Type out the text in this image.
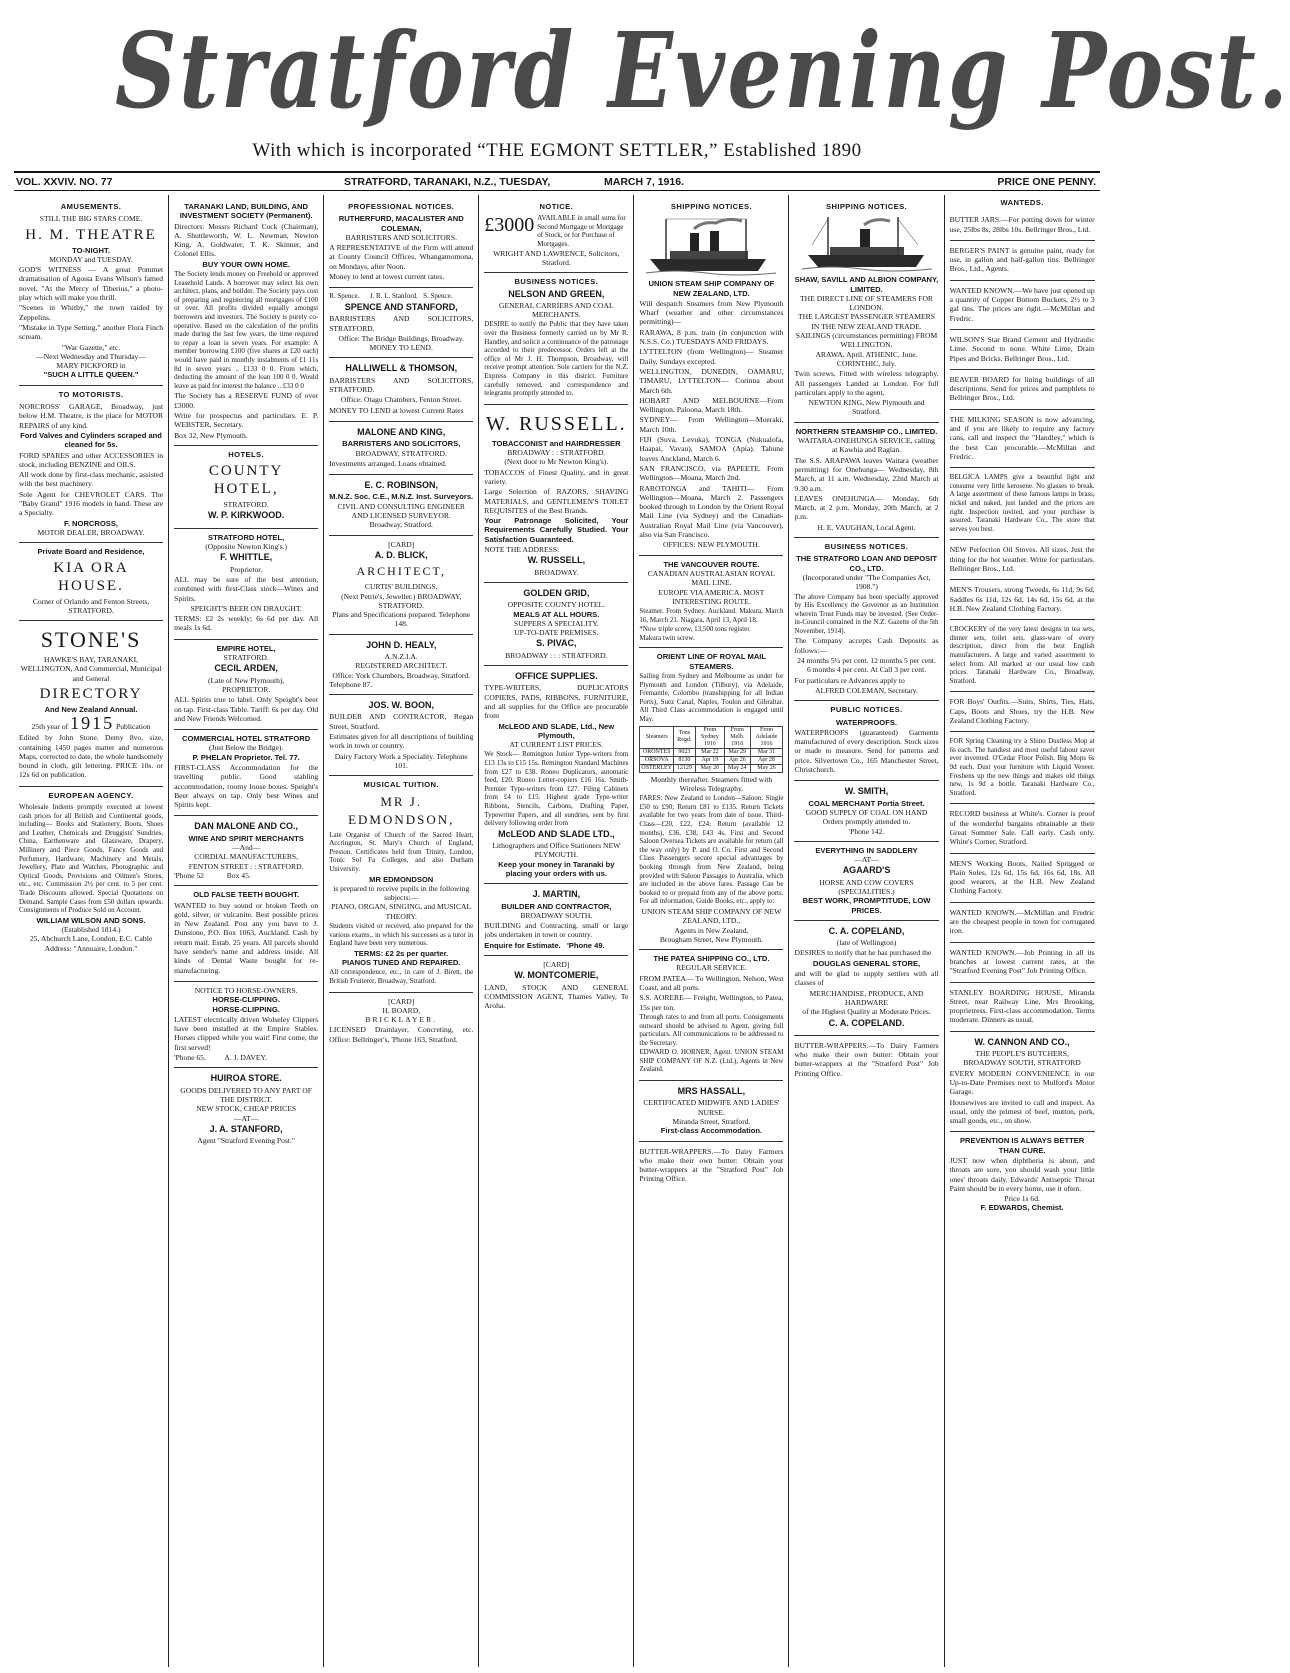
Stratford Evening Post.
With which is incorporated “THE EGMONT SETTLER,” Established 1890
VOL. XXVIV. NO. 77	STRATFORD, TARANAKI, N.Z., TUESDAY,	MARCH 7, 1916.	PRICE ONE PENNY.
AMUSEMENTS.
STILL THE BIG STARS COME.
H. M. THEATRE
TO-NIGHT.
MONDAY and TUESDAY.
GOD'S WITNESS — A great Pommet dramatisation of Agosta Evans Wilson's famed novel, "At the Mercy of Tiberius," a photo-play which will make you thrill.
"Scenes in Whitby," the town raided by Zeppelins.
"Mistake in Type Setting," another Flora Finch scream.
"War Gazette," etc.
—Next Wednesday and Thursday—
MARY PICKFORD in
"SUCH A LITTLE QUEEN."
TO MOTORISTS.
NORCROSS' GARAGE, Broadway, just below H.M. Theatre, is the place for MOTOR REPAIRS of any kind.
Ford Valves and Cylinders scraped and cleaned for 5s.
FORD SPARES and other ACCESSORIES in stock, including BENZINE and OILS.
All work done by first-class mechanic, assisted with the best machinery.
Sole Agent for CHEVROLET CARS. The "Baby Grand" 1916 models in hand. These are a Specialty.
F. NORCROSS,
MOTOR DEALER, BROADWAY.
Private Board and Residence,
KIA ORA HOUSE.
Corner of Orlando and Fenton Streets, STRATFORD.
STONE'S
HAWKE'S BAY, TARANAKI, WELLINGTON, And Commercial, Municipal and General
DIRECTORY
And New Zealand Annual.
25th year of 1915 Publication
Edited by John Stone. Demy 8vo, size, containing 1450 pages matter and numerous Maps, corrected to date, the whole handsomely bound in cloth, gilt lettering. PRICE 10s. or 12s 6d on publication.
EUROPEAN AGENCY.
Wholesale Indents promptly executed at lowest cash prices for all British and Continental goods, including— Books and Stationery, Boots, Shoes and Leather, Chemicals and Druggists' Sundries, China, Earthenware and Glassware, Drapery, Millinery and Piece Goods, Fancy Goods and Perfumery, Hardware, Machinery and Metals, Jewellery, Plate and Watches, Photographic and Optical Goods, Provisions and Oilmen's Stores, etc., etc. Commission 2½ per cent. to 5 per cent. Trade Discounts allowed. Special Quotations on Demand. Sample Cases from £50 dollars upwards. Consignments of Produce Sold on Account.
WILLIAM WILSON AND SONS.
(Established 1814.)
25, Abchurch Lane, London, E.C. Cable Address: "Annuaire, London."
TARANAKI LAND, BUILDING, AND INVESTMENT SOCIETY (Permanent).
Directors: Messrs Richard Cock (Chairman), A. Shuttleworth, W. L. Newman, Newton King, A. Goldwater, T. K. Skinner, and Colonel Ellis.
BUY YOUR OWN HOME.
The Society lends money on Freehold or approved Leasehold Lands. A borrower may select his own architect, plans, and builder. The Society pays cost of preparing and registering all mortgages of £100 or over. All profits divided equally amongst borrowers and investors. The Society is purely co-operative. Based on the calculation of the profits made during the last few years, the time required to repay a loan is seven years. For example: A member borrowing £100 (five shares at £20 each) would have paid in monthly instalments of £1 11s 8d in seven years .. £133 0 0. From which, deducting the amount of the loan 100 0 0. Would leave as paid for interest the balance .. £33 0 0
The Society has a RESERVE FUND of over £3000.
Write for prospectus and particulars. E. P. WEBSTER, Secretary.
Box 32, New Plymouth.
HOTELS.
COUNTY HOTEL,
STRATFORD.
W. P. KIRKWOOD.
STRATFORD HOTEL,
(Opposite Newton King's.)
F. WHITTLE,
Proprietor.
ALL may be sure of the best attention, combined with first-Class stock—Wines and Spirits.
SPEIGHT'S BEER ON DRAUGHT.
TERMS: £2 2s weekly; 6s 6d per day. All meals 1s 6d.
EMPIRE HOTEL,
STRATFORD.
CECIL ARDEN,
(Late of New Plymouth),
PROPRIETOR.
ALL Spirits true to label. Only Speight's beer on tap. First-class Table. Tariff: 6s per day. Old and New Friends Welcomed.
COMMERCIAL HOTEL STRATFORD
(Just Below the Bridge).
P. PHELAN Proprietor. Tel. 77.
FIRST-CLASS Accommodation for the travelling public. Good stabling accommodation, roomy loose boxes. Speight's Beer always on tap. Only best Wines and Spirits kept.
DAN MALONE AND CO.,
WINE AND SPIRIT MERCHANTS
—And—
CORDIAL MANUFACTURERS,
FENTON STREET : : STRATFORD.
'Phone 52            Box 45.
OLD FALSE TEETH BOUGHT.
WANTED to buy sound or broken Teeth on gold, silver, or vulcanite. Best possible prices in New Zealand. Post any you have to J. Dunstone, P.O. Box 1063, Auckland. Cash by return mail. Estab. 25 years. All parcels should have sender's name and address inside. All kinds of Dental Waste bought for re-manufacturing.
NOTICE TO HORSE-OWNERS.
HORSE-CLIPPING.
HORSE-CLIPPING.
LATEST electrically driven Wolseley Clippers have been installed at the Empire Stables. Horses clipped while you wait! First come, the first served!
'Phone 65.          A. J. DAVEY.
HUIROA STORE.
GOODS DELIVERED TO ANY PART OF THE DISTRICT.
NEW STOCK, CHEAP PRICES
—AT—
J. A. STANFORD,
Agent "Stratford Evening Post."
PROFESSIONAL NOTICES.
RUTHERFURD, MACALISTER AND COLEMAN,
BARRISTERS AND SOLICITORS.
A REPRESENTATIVE of the Firm will attend at County Council Offices, Whangamomona, on Mondays, after Noon.
Money to lend at lowest current rates.
R. Spence.      J. R. L. Stanford.   S. Spence.
SPENCE AND STANFORD,
BARRISTERS AND SOLICITORS, STRATFORD.
Office: The Bridge Buildings, Broadway.
MONEY TO LEND.
HALLIWELL & THOMSON,
BARRISTERS AND SOLICITORS, STRATFORD.
Office: Otago Chambers, Fenton Street.
MONEY TO LEND at lowest Current Rates
MALONE AND KING,
BARRISTERS AND SOLICITORS,
BROADWAY, STRATFORD.
Investments arranged. Loans obtained.
E. C. ROBINSON,
M.N.Z. Soc. C.E., M.N.Z. Inst. Surveyors.
CIVIL AND CONSULTING ENGINEER AND LICENSED SURVEYOR.
Broadway, Stratford.
[CARD]
A. D. BLICK,
ARCHITECT,
CURTIS' BUILDINGS,
(Next Petrie's, Jeweller.) BROADWAY, STRATFORD.
Plans and Specifications prepared. Telephone 148.
JOHN D. HEALY,
A.N.Z.I.A.
REGISTERED ARCHITECT.
Office: York Chambers, Broadway, Stratford.
Telephone 87.
JOS. W. BOON,
BUILDER AND CONTRACTOR, Regan Street, Stratford.
Estimates given for all descriptions of building work in town or country.
Dairy Factory Work a Speciality. Telephone 101.
MUSICAL TUITION.
MR J. EDMONDSON,
Late Organist of Church of the Sacred Heart, Accrington, St. Mary's Church of England, Preston. Certificates held from Trinity, London, Tonic Sol Fa Colleges, and also Durham University.
MR EDMONDSON
is prepared to receive pupils in the following subjects:—
PIANO, ORGAN, SINGING, and MUSICAL THEORY.
Students visited or received, also prepared for the various exams., in which his successes as a tutor in England have been very numerous.
TERMS: £2 2s per quarter.
PIANOS TUNED AND REPAIRED.
All correspondence, etc., in care of J. Birett, the British Fruiterer, Broadway, Stratford.
[CARD]
H. BOARD,
BRICKLAYER.
LICENSED Drainlayer, Concreting, etc. Office: Bellringer's, 'Phone 163, Stratford.
NOTICE.
£3000 AVAILABLE in small sums for Second Mortgage or Mortgage of Stock, or for Purchase of Mortgages.
WRIGHT AND LAWRENCE, Solicitors, Stratford.
BUSINESS NOTICES.
NELSON AND GREEN,
GENERAL CARRIERS AND COAL MERCHANTS.
DESIRE to notify the Public that they have taken over the Business formerly carried on by Mr R. Handley, and solicit a continuance of the patronage accorded to their predecessor. Orders left at the office of Mr J. H. Thompson, Broadway, will receive prompt attention. Sole carriers for the N.Z. Express Company in this district. Furniture carefully removed, and correspondence and telegrams promptly attended to.
W. RUSSELL.
TOBACCONIST and HAIRDRESSER
BROADWAY : : STRATFORD.
(Next door to Mr Newton King's).
TOBACCOS of Finest Quality, and in great variety.
Large Selection of RAZORS, SHAVING MATERIALS, and GENTLEMEN'S TOILET REQUISITES of the Best Brands.
Your Patronage Solicited, Your Requirements Carefully Studied. Your Satisfaction Guaranteed.
NOTE THE ADDRESS:
W. RUSSELL,
BROADWAY.
GOLDEN GRID,
OPPOSITE COUNTY HOTEL.
MEALS AT ALL HOURS.
SUPPERS A SPECIALITY.
UP-TO-DATE PREMISES.
S. PIVAC,
BROADWAY : : : STRATFORD.
OFFICE SUPPLIES.
TYPE-WRITERS, DUPLICATORS COPIERS, PADS, RIBBONS, FURNITURE, and all supplies for the Office are procurable from
McLEOD AND SLADE, Ltd., New Plymouth,
AT CURRENT LIST PRICES.
We Stock— Remington Junior Type-writers from £13 13s to £15 15s. Remington Standard Machines from £27 to £38. Roneo Duplicators, automatic feed, £20. Roneo Letter-copiers £16 16s. Smith-Premier Type-writers from £27. Filing Cabinets from £4 to £15. Highest grade Type-writer Ribbons, Stencils, Carbons, Drafting Paper, Typewriter Papers, and all sundries, sent by first delivery following order from
McLEOD AND SLADE LTD.,
Lithographers and Office Stationers NEW PLYMOUTH.
Keep your money in Taranaki by placing your orders with us.
J. MARTIN,
BUILDER AND CONTRACTOR,
BROADWAY SOUTH.
BUILDING and Contracting, small or large jobs undertaken in town or country.
Enquire for Estimate.   'Phone 49.
[CARD]
W. MONTCOMERIE,
LAND, STOCK AND GENERAL COMMISSION AGENT, Thames Valley, Te Aroha.
SHIPPING NOTICES.
UNION STEAM SHIP COMPANY OF NEW ZEALAND, LTD.
Will despatch Steamers from New Plymouth Wharf (weather and other circumstances permitting)—
RARAWA, 8 p.m. train (in conjunction with N.S.S. Co.) TUESDAYS AND FRIDAYS.
LYTTELTON (from Wellington)— Steamer Daily, Sundays excepted.
WELLINGTON, DUNEDIN, OAMARU, TIMARU, LYTTELTON— Corinna about March 6th.
HOBART AND MELBOURNE—From Wellington. Paloona, March 18th.
SYDNEY— From Wellington—Moeraki, March 10th.
FIJI (Suva, Levuka), TONGA (Nukualofa, Haapai, Vavau), SAMOA (Apia). Tahune leaves Auckland, March 6.
SAN FRANCISCO, via PAPEETE. From Wellington—Moana, March 2nd.
RAROTONGA and TAHITI— From Wellington—Moana, March 2. Passengers booked through to London by the Orient Royal Mail Line (via Sydney) and the Canadian-Australian Royal Mail Line (via Vancouver), also via San Francisco.
OFFICES: NEW PLYMOUTH.
THE VANCOUVER ROUTE.
CANADIAN AUSTRALASIAN ROYAL MAIL LINE.
EUROPE VIA AMERICA. MOST INTERESTING ROUTE.
Steamer. From Sydney. Auckland. Makura, March 16, March 21. Niagara, April 13, April 18.
*Now triple screw, 13,500 tons register.
Makura twin screw.
ORIENT LINE OF ROYAL MAIL STEAMERS.
Sailing from Sydney and Melbourne as under for Plymouth and London (Tilbury), via Adelaide, Fremantle, Colombo (transhipping for all Indian Ports), Suez Canal, Naples, Toulon and Gibraltar. All Third Class accommodation is engaged until May.
Steamers	Tons Regd.	From Sydney 1916	From Melb. 1916	From Adelaide 1916
ORONTES	9023	Mar 22	Mar 29	Mar 31
ORSOVA	8130	Apr 19	Apr 26	Apr 28
OSTERLEY	12129	May 20	May 24	May 26
Monthly thereafter. Steamers fitted with Wireless Telegraphy.
FARES: New Zealand to London—Saloon: Single £50 to £90; Return £81 to £135. Return Tickets available for two years from date of issue. Third-Class—£20, £22, £24; Return (available 12 months), £36, £38, £43 4s. First and Second Saloon Oversea Tickets are available for return (all the way only) by P. and O. Co. First and Second Class Passengers secure special advantages by booking through from New Zealand, being provided with Saloon Passages to Australia, which are included in the above fares. Passage Can be booked to or prepaid from any of the above ports. For all information, Guide Books, etc., apply to:
UNION STEAM SHIP COMPANY OF NEW ZEALAND, LTD.,
Agents in New Zealand,
Brougham Street, New Plymouth.
THE PATEA SHIPPING CO., LTD.
REGULAR SERVICE.
FROM PATEA— To Wellington, Nelson, West Coast, and all ports.
S.S. AORERE— Freight, Wellington, to Patea, 15s per ton.
Through rates to and from all ports. Consignments outward should be advised to Agent, giving full particulars. All communications to be addressed to the Secretary.
EDWARD O. HORNER, Agent. UNION STEAM SHIP COMPANY OF N.Z. (Ltd.), Agents in New Zealand.
MRS HASSALL,
CERTIFICATED MIDWIFE AND LADIES' NURSE.
Miranda Street, Stratford.
First-class Accommodation.
BUTTER-WRAPPERS.—To Dairy Farmers who make their own butter: Obtain your butter-wrappers at the "Stratford Post" Job Printing Office.
SHIPPING NOTICES.
SHAW, SAVILL AND ALBION COMPANY, LIMITED.
THE DIRECT LINE OF STEAMERS FOR LONDON.
THE LARGEST PASSENGER STEAMERS IN THE NEW ZEALAND TRADE.
SAILINGS (circumstances permitting) FROM WELLINGTON.
ARAWA, April. ATHENIC, June. CORINTHIC, July.
Twin screws. Fitted with wireless telegraphy. All passengers Landed at London. For full particulars apply to the agent,
NEWTON KING, New Plymouth and Stratford.
NORTHERN STEAMSHIP CO., LIMITED.
WAITARA-ONEHUNGA SERVICE, calling at Kawhia and Raglan.
The S.S. ARAPAWA leaves Waitara (weather permitting) for Onehunga— Wednesday, 8th March, at 11 a.m. Wednesday, 22nd March at 9.30 a.m.
LEAVES ONEHUNGA— Monday, 6th March, at 2 p.m. Monday, 20th March, at 2 p.m.
H. E. VAUGHAN, Local Agent.
BUSINESS NOTICES.
THE STRATFORD LOAN AND DEPOSIT CO., LTD.
(Incorporated under "The Companies Act, 1908.")
The above Company has been specially approved by His Excellency the Governor as an Institution wherein Trust Funds may be invested. (See Order-in-Council contained in the N.Z. Gazette of the 5th November, 1914).
The Company accepts Cash Deposits as follows:—
24 months 5¼ per cent. 12 months 5 per cent. 6 months 4 per cent. At Call 3 per cent.
For particulars re Advances apply to
ALFRED COLEMAN, Secretary.
PUBLIC NOTICES.
WATERPROOFS.
WATERPROOFS (guaranteed) Garments manufactured of every description. Stock sizes or made to measure. Send for patterns and price. Silvertown Co., 165 Manchester Street, Christchurch.
W. SMITH,
COAL MERCHANT Portia Street.
GOOD SUPPLY OF COAL ON HAND
Orders promptly attended to.
'Phone 142.
EVERYTHING IN SADDLERY
—AT—
AGAARD'S
HORSE AND COW COVERS (SPECIALITIES.)
BEST WORK, PROMPTITUDE, LOW PRICES.
C. A. COPELAND,
(late of Wellington)
DESIRES to notify that he has purchased the
DOUGLAS GENERAL STORE,
and will be glad to supply settlers with all classes of
MERCHANDISE, PRODUCE, AND HARDWARE
of the Highest Quality at Moderate Prices.
C. A. COPELAND.
BUTTER-WRAPPERS.—To Dairy Farmers who make their own butter: Obtain your butter-wrappers at the "Stratford Post" Job Printing Office.
WANTEDS.
BUTTER JARS.—For potting down for winter use, 25lbs 8s, 28lbs 10s. Bellringer Bros., Ltd.
BERGER'S PAINT is genuine paint, ready for use, in gallon and half-gallon tins. Bellringer Bros., Ltd., Agents.
WANTED KNOWN.—We have just opened up a quantity of Copper Bottom Buckets, 2½ to 3 gal tins. The prices are right.—McMillan and Fredric.
WILSON'S Star Brand Cement and Hydraulic Lime. Second to none. White Lime, Drain Pipes and Bricks. Bellringer Bros., Ltd.
BEAVER BOARD for lining buildings of all descriptions. Send for prices and pamphlets to Bellringer Bros., Ltd.
THE MILKING SEASON is now advancing, and if you are likely to require any factory cans, call and inspect the "Handley," which is the best Can procurable.—McMillan and Fredric.
BELGICA LAMPS give a beautiful light and consume very little kerosene. No glasses to break. A large assortment of these famous lamps in brass, nickel and naked, just landed and the prices are right. Inspection invited, and your purchase is assured. Taranaki Hardware Co., The store that serves you best.
NEW Perfection Oil Stoves. All sizes. Just the thing for the hot weather. Write for particulars. Bellringer Bros., Ltd.
MEN'S Trousers, strong Tweeds, 6s 11d, 9s 6d, Saddles 6s 11d, 12s 6d, 14s 6d, 15s 6d, at the H.B. New Zealand Clothing Factory.
CROCKERY of the very latest designs in tea sets, dinner sets, toilet sets, glass-ware of every description, direct from the best English manufacturers. A large and varied assortment to select from. All marked at our usual low cash prices. Taranaki Hardware Co., Broadway, Stratford.
FOR Boys' Outfits.—Suits, Shirts, Ties, Hats, Caps, Boots and Shoes, try the H.B. New Zealand Clothing Factory.
FOR Spring Cleaning try a Shino Dustless Mop at 6s each. The handiest and most useful labour saver ever invented. O'Cedar Floor Polish. Big Mops 6s 9d each. Dust your furniture with Liquid Veneer. Freshens up the new things and makes old things new, 1s 9d a bottle. Taranaki Hardware Co., Stratford.
RECORD business at White's. Corner is proof of the wonderful bargains obtainable at their Great Summer Sale. Call early. Cash only. White's Corner, Stratford.
MEN'S Working Boots, Nailed Sprigged or Plain Soles, 12s 6d, 15s 6d, 16s 6d, 18s. All good wearers, at the H.B. New Zealand Clothing Factory.
WANTED KNOWN.—McMillan and Fredric are the cheapest people in town for corrugated iron.
WANTED KNOWN.—Job Printing in all its branches at lowest current rates, at the "Stratford Evening Post" Job Printing Office.
STANLEY BOARDING HOUSE, Miranda Street, near Railway Line, Mrs Brooking, proprietress. First-class accommodation. Terms moderate. Dinners as usual.
W. CANNON AND CO.,
THE PEOPLE'S BUTCHERS,
BROADWAY SOUTH, STRATFORD
EVERY MODERN CONVENIENCE in our Up-to-Date Premises next to Mulford's Motor Garage.
Housewives are invited to call and inspect. As usual, only the primest of beef, mutton, pork, small goods, etc., on show.
PREVENTION IS ALWAYS BETTER THAN CURE.
JUST now when diphtheria is about, and throats are sore, you should wash your little ones' throats daily. Edwards' Antiseptic Throat Paint should be in every home, use it often.
Price 1s 6d.
F. EDWARDS, Chemist.
